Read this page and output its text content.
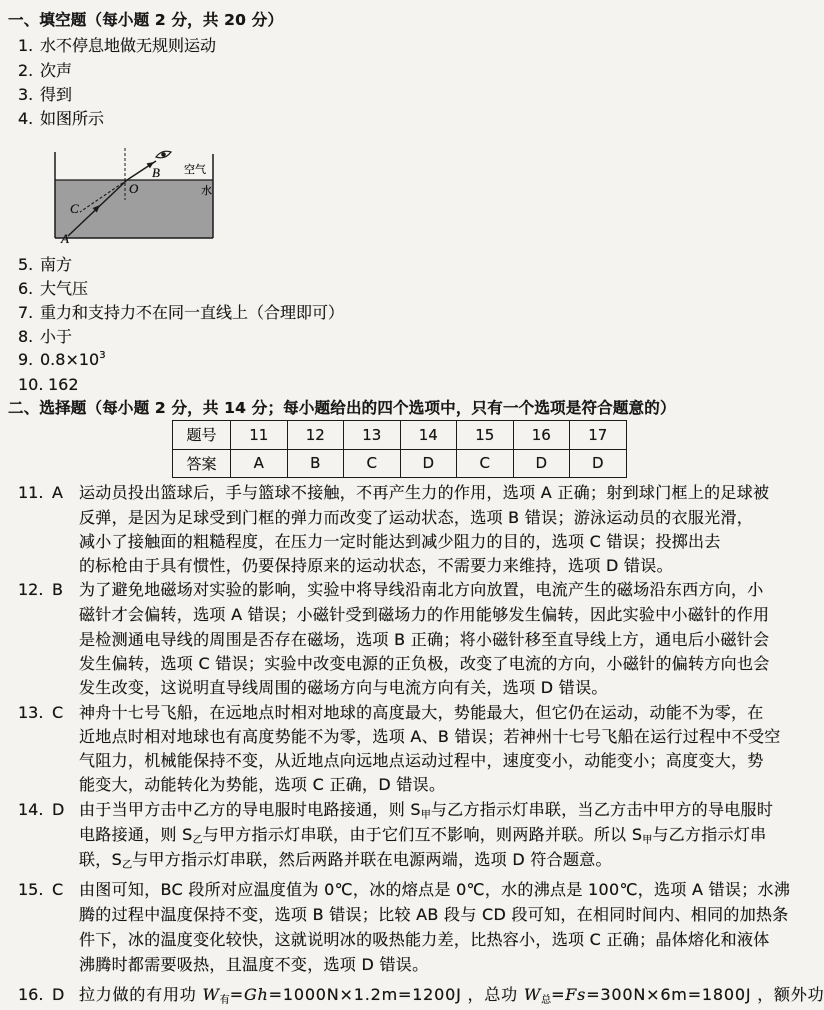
一、填空题（每小题 2 分，共 20 分）
1. 水不停息地做无规则运动
2. 次声
3. 得到
4. 如图所示
B
O
C
A
空气
水
5. 南方
6. 大气压
7. 重力和支持力不在同一直线上（合理即可）
8. 小于
9. $0.8\times 10^3$
10. 162
二、选择题（每小题 2 分，共 14 分；每小题给出的四个选项中，只有一个选项是符合题意的）
题号	11	12	13	14	15	16	17
答案	A	B	C	D	C	D	D
11. A 运动员投出篮球后，手与篮球不接触，不再产生力的作用，选项 A 正确；射到球门框上的足球被
反弹，是因为足球受到门框的弹力而改变了运动状态，选项 B 错误；游泳运动员的衣服光滑，
减小了接触面的粗糙程度，在压力一定时能达到减少阻力的目的，选项 C 错误；投掷出去
的标枪由于具有惯性，仍要保持原来的运动状态，不需要力来维持，选项 D 错误。
12. B 为了避免地磁场对实验的影响，实验中将导线沿南北方向放置，电流产生的磁场沿东西方向，小
磁针才会偏转，选项 A 错误；小磁针受到磁场力的作用能够发生偏转，因此实验中小磁针的作用
是检测通电导线的周围是否存在磁场，选项 B 正确；将小磁针移至直导线上方，通电后小磁针会
发生偏转，选项 C 错误；实验中改变电源的正负极，改变了电流的方向，小磁针的偏转方向也会
发生改变，这说明直导线周围的磁场方向与电流方向有关，选项 D 错误。
13. C 神舟十七号飞船，在远地点时相对地球的高度最大，势能最大，但它仍在运动，动能不为零，在
近地点时相对地球也有高度势能不为零，选项 A、B 错误；若神州十七号飞船在运行过程中不受空
气阻力，机械能保持不变，从近地点向远地点运动过程中，速度变小，动能变小；高度变大，势
能变大，动能转化为势能，选项 C 正确，D 错误。
14. D 由于当甲方击中乙方的导电服时电路接通，则 $S_甲$与乙方指示灯串联，当乙方击中甲方的导电服时
电路接通，则 $S_乙$与甲方指示灯串联，由于它们互不影响，则两路并联。所以 $S_甲$与乙方指示灯串
联，$S_乙$与甲方指示灯串联，然后两路并联在电源两端，选项 D 符合题意。
15. C 由图可知，BC 段所对应温度值为 0℃，冰的熔点是 0℃，水的沸点是 100℃，选项 A 错误；水沸
腾的过程中温度保持不变，选项 B 错误；比较 AB 段与 CD 段可知，在相同时间内、相同的加热条
件下，冰的温度变化较快，这就说明冰的吸热能力差，比热容小，选项 C 正确；晶体熔化和液体
沸腾时都需要吸热，且温度不变，选项 D 错误。
16. D 拉力做的有用功 $W_有=Gh=1000N\times 1.2m=1200J$ ，总功 $W_总=Fs=300N\times 6m=1800J$ ，额外功
